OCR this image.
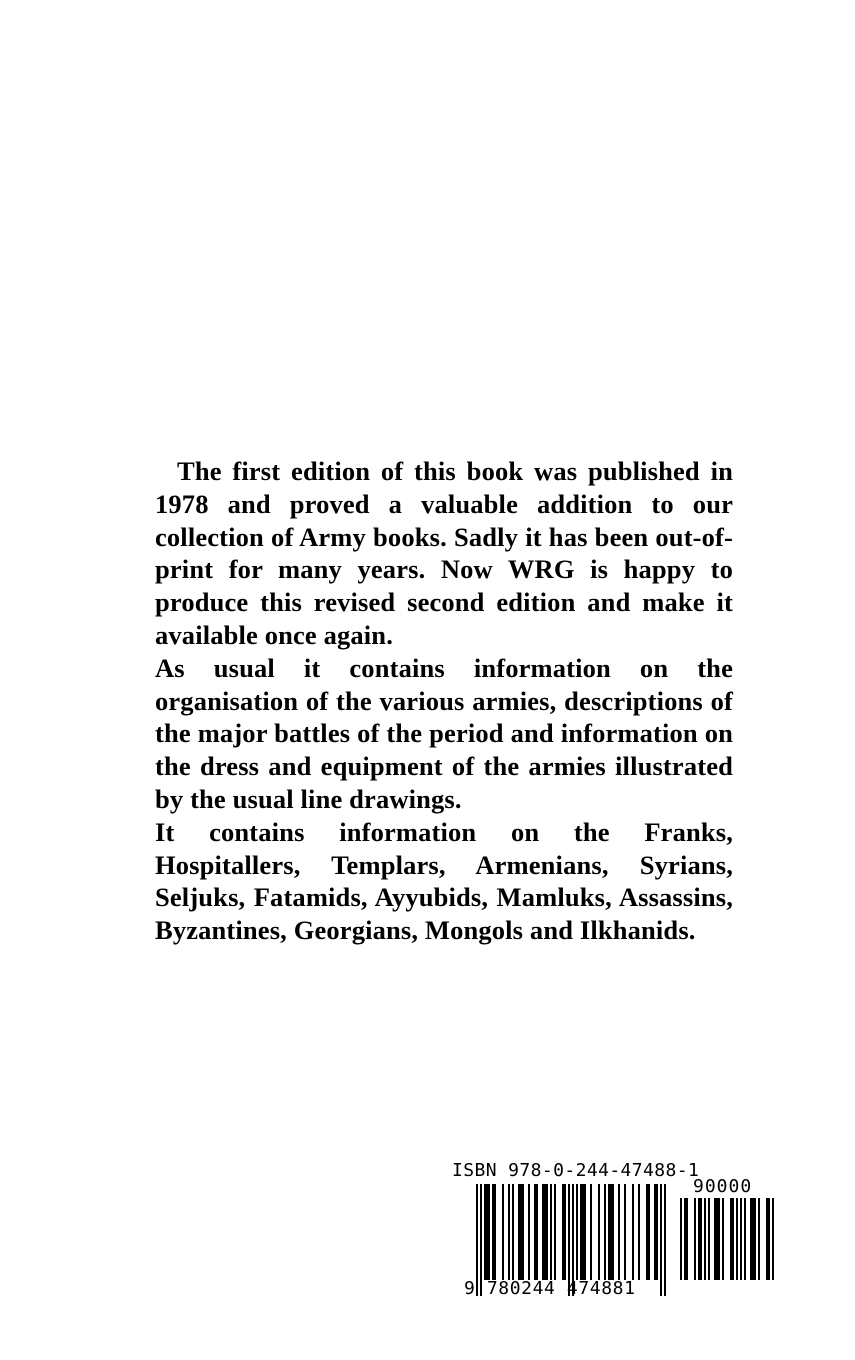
The first edition of this book was published in 1978 and proved a valuable addition to our collection of Army books. Sadly it has been out-of-print for many years. Now WRG is happy to produce this revised second edition and make it available once again.

As usual it contains information on the organisation of the various armies, descriptions of the major battles of the period and information on the dress and equipment of the armies illustrated by the usual line drawings.

It contains information on the Franks, Hospitallers, Templars, Armenians, Syrians, Seljuks, Fatamids, Ayyubids, Mamluks, Assassins, Byzantines, Georgians, Mongols and Ilkhanids.

ISBN 978-0-244-47488-1
90000
9 780244 474881
